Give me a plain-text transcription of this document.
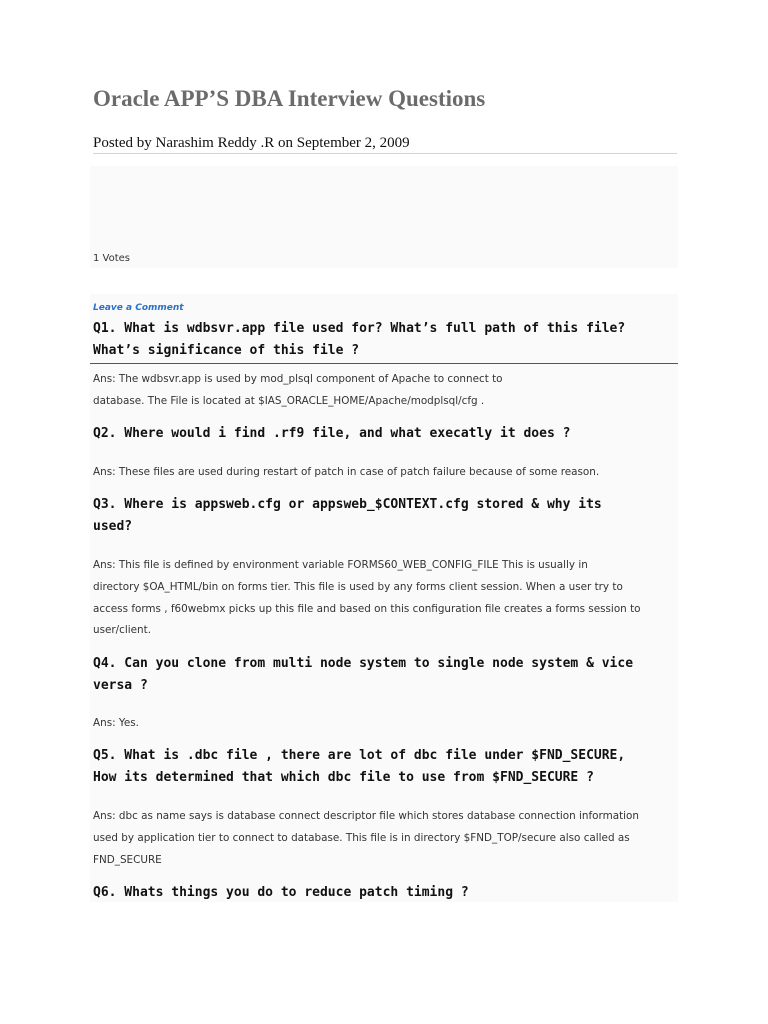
Oracle APP’S DBA Interview Questions
Posted by Narashim Reddy .R on September 2, 2009
1 Votes
Leave a Comment
Q1. What is wdbsvr.app file used for? What’s full path of this file?
What’s significance of this file ?
Ans: The wdbsvr.app is used by mod_plsql component of Apache to connect to
database. The File is located at $IAS_ORACLE_HOME/Apache/modplsql/cfg .
Q2. Where would i find .rf9 file, and what execatly it does ?
Ans: These files are used during restart of patch in case of patch failure because of some reason.
Q3. Where is appsweb.cfg or appsweb_$CONTEXT.cfg stored & why its
used?
Ans: This file is defined by environment variable FORMS60_WEB_CONFIG_FILE This is usually in
directory $OA_HTML/bin on forms tier. This file is used by any forms client session. When a user try to
access forms , f60webmx picks up this file and based on this configuration file creates a forms session to
user/client.
Q4. Can you clone from multi node system to single node system & vice
versa ?
Ans: Yes.
Q5. What is .dbc file , there are lot of dbc file under $FND_SECURE,
How its determined that which dbc file to use from $FND_SECURE ?
Ans: dbc as name says is database connect descriptor file which stores database connection information
used by application tier to connect to database. This file is in directory $FND_TOP/secure also called as
FND_SECURE
Q6. Whats things you do to reduce patch timing ?
